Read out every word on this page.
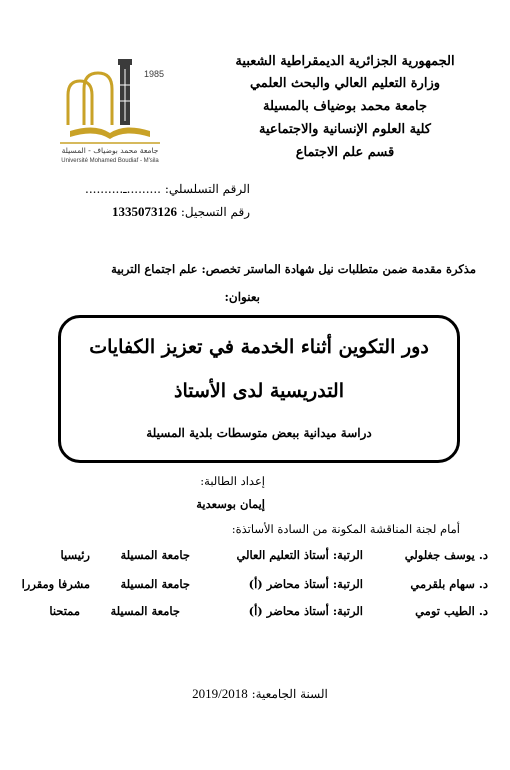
الجمهورية الجزائرية الديمقراطية الشعبية
وزارة التعليم العالي والبحث العلمي
جامعة محمد بوضياف بالمسيلة
كلية العلوم الإنسانية والاجتماعية
قسم علم الاجتماع
1985
جامعة محمد بوضياف - المسيلة
Université Mohamed Boudiaf - M'sila
الرقم التسلسلي: .........ـ..........
رقم التسجيل: 1335073126
مذكرة مقدمة ضمن متطلبات نيل شهادة الماستر تخصص: علم اجتماع التربية
بعنوان:
دور التكوين أثناء الخدمة في تعزيز الكفايات
التدريسية لدى الأستاذ
دراسة ميدانية ببعض متوسطات بلدية المسيلة
إعداد الطالبة:
إيمان بوسعدية
أمام لجنة المناقشة المكونة من السادة الأساتذة:
د. يوسف جغلولي
الرتبة: أستاذ التعليم العالي
جامعة المسيلة
رئيسيا
د. سهام بلقرمي
الرتبة: أستاذ محاضر (أ)
جامعة المسيلة
مشرفا ومقررا
د. الطيب تومي
الرتبة: أستاذ محاضر (أ)
جامعة المسيلة
ممتحنا
السنة الجامعية: 2019/2018
